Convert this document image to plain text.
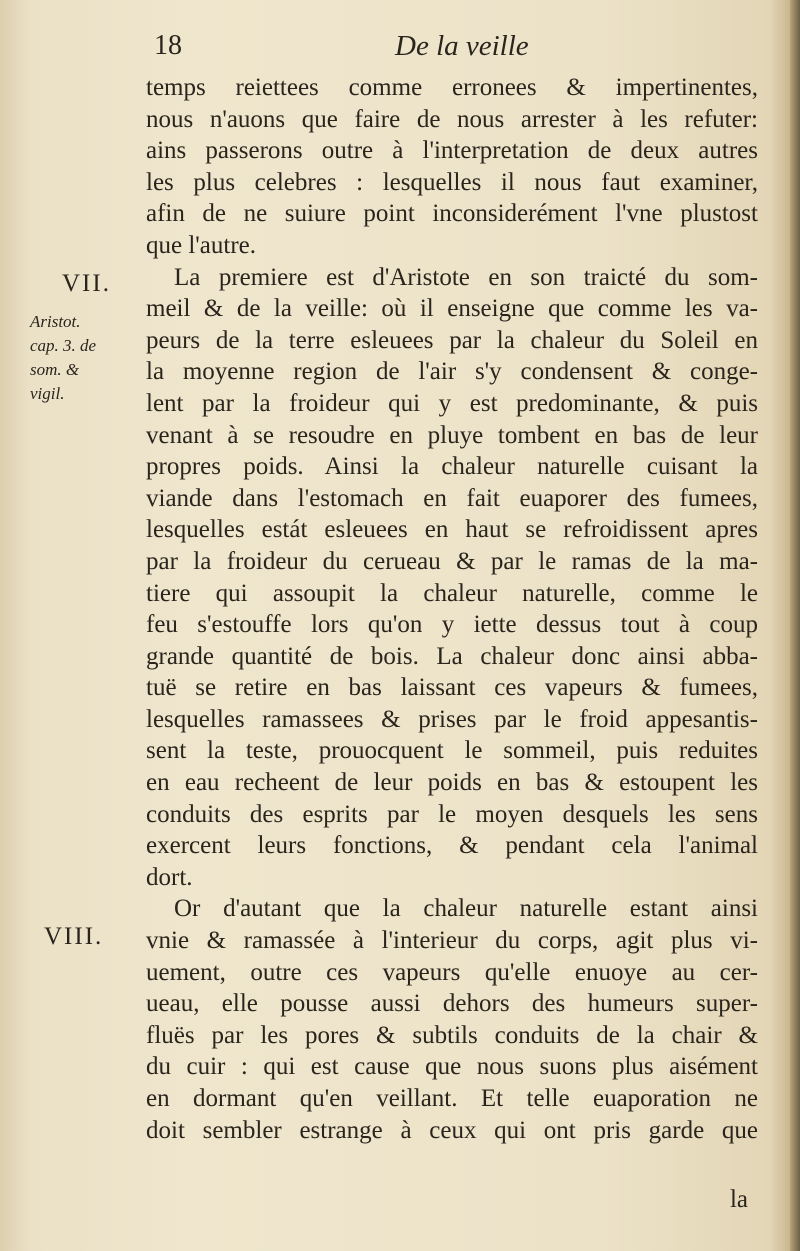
18	De la veille
VII.
Aristot.
cap. 3. de
som. &
vigil.
VIII.
temps reiettees comme erronees & impertinentes,
nous n'auons que faire de nous arrester à les refuter:
ains passerons outre à l'interpretation de deux autres
les plus celebres : lesquelles il nous faut examiner,
afin de ne suiure point inconsiderément l'vne plustost
que l'autre.
La premiere est d'Aristote en son traicté du som-
meil & de la veille: où il enseigne que comme les va-
peurs de la terre esleuees par la chaleur du Soleil en
la moyenne region de l'air s'y condensent & conge-
lent par la froideur qui y est predominante, & puis
venant à se resoudre en pluye tombent en bas de leur
propres poids. Ainsi la chaleur naturelle cuisant la
viande dans l'estomach en fait euaporer des fumees,
lesquelles estát esleuees en haut se refroidissent apres
par la froideur du cerueau & par le ramas de la ma-
tiere qui assoupit la chaleur naturelle, comme le
feu s'estouffe lors qu'on y iette dessus tout à coup
grande quantité de bois. La chaleur donc ainsi abba-
tuë se retire en bas laissant ces vapeurs & fumees,
lesquelles ramassees & prises par le froid appesantis-
sent la teste, prouocquent le sommeil, puis reduites
en eau recheent de leur poids en bas & estoupent les
conduits des esprits par le moyen desquels les sens
exercent leurs fonctions, & pendant cela l'animal
dort.
Or d'autant que la chaleur naturelle estant ainsi
vnie & ramassée à l'interieur du corps, agit plus vi-
uement, outre ces vapeurs qu'elle enuoye au cer-
ueau, elle pousse aussi dehors des humeurs super-
fluës par les pores & subtils conduits de la chair &
du cuir : qui est cause que nous suons plus aisément
en dormant qu'en veillant. Et telle euaporation ne
doit sembler estrange à ceux qui ont pris garde que
la
